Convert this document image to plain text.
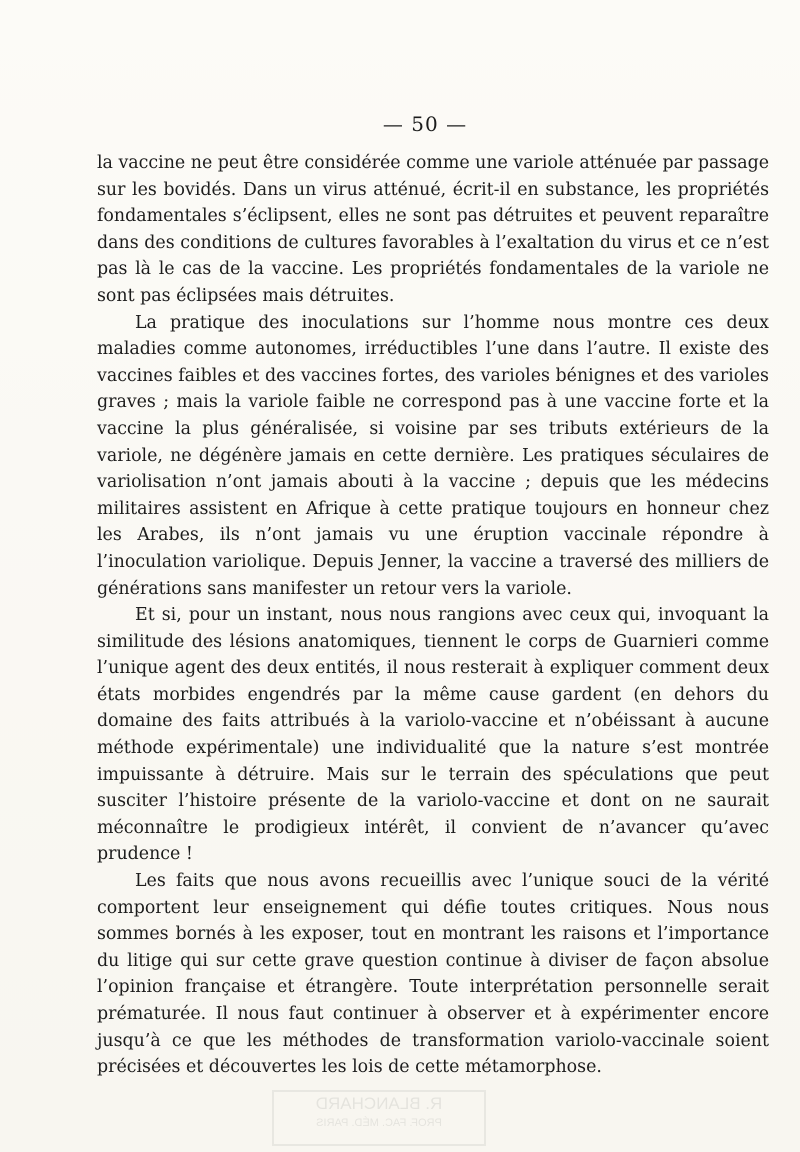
— 50 —

la vaccine ne peut être considérée comme une variole atténuée par passage sur les bovidés. Dans un virus atténué, écrit-il en substance, les propriétés fondamentales s’éclipsent, elles ne sont pas détruites et peuvent reparaître dans des conditions de cultures favorables à l’exaltation du virus et ce n’est pas là le cas de la vaccine. Les propriétés fondamentales de la variole ne sont pas éclipsées mais détruites.

La pratique des inoculations sur l’homme nous montre ces deux maladies comme autonomes, irréductibles l’une dans l’autre. Il existe des vaccines faibles et des vaccines fortes, des varioles bénignes et des varioles graves ; mais la variole faible ne correspond pas à une vaccine forte et la vaccine la plus généralisée, si voisine par ses tributs extérieurs de la variole, ne dégénère jamais en cette dernière. Les pratiques séculaires de variolisation n’ont jamais abouti à la vaccine ; depuis que les médecins militaires assistent en Afrique à cette pratique toujours en honneur chez les Arabes, ils n’ont jamais vu une éruption vaccinale répondre à l’inoculation variolique. Depuis Jenner, la vaccine a traversé des milliers de générations sans manifester un retour vers la variole.

Et si, pour un instant, nous nous rangions avec ceux qui, invoquant la similitude des lésions anatomiques, tiennent le corps de Guarnieri comme l’unique agent des deux entités, il nous resterait à expliquer comment deux états morbides engendrés par la même cause gardent (en dehors du domaine des faits attribués à la variolo-vaccine et n’obéissant à aucune méthode expérimentale) une individualité que la nature s’est montrée impuissante à détruire. Mais sur le terrain des spéculations que peut susciter l’histoire présente de la variolo-vaccine et dont on ne saurait méconnaître le prodigieux intérêt, il convient de n’avancer qu’avec prudence !

Les faits que nous avons recueillis avec l’unique souci de la vérité comportent leur enseignement qui défie toutes critiques. Nous nous sommes bornés à les exposer, tout en montrant les raisons et l’importance du litige qui sur cette grave question continue à diviser de façon absolue l’opinion française et étrangère. Toute interprétation personnelle serait prématurée. Il nous faut continuer à observer et à expérimenter encore jusqu’à ce que les méthodes de transformation variolo-vaccinale soient précisées et découvertes les lois de cette métamorphose.

R. BLANCHARD
PROF. FAC. MÉD. PARIS
